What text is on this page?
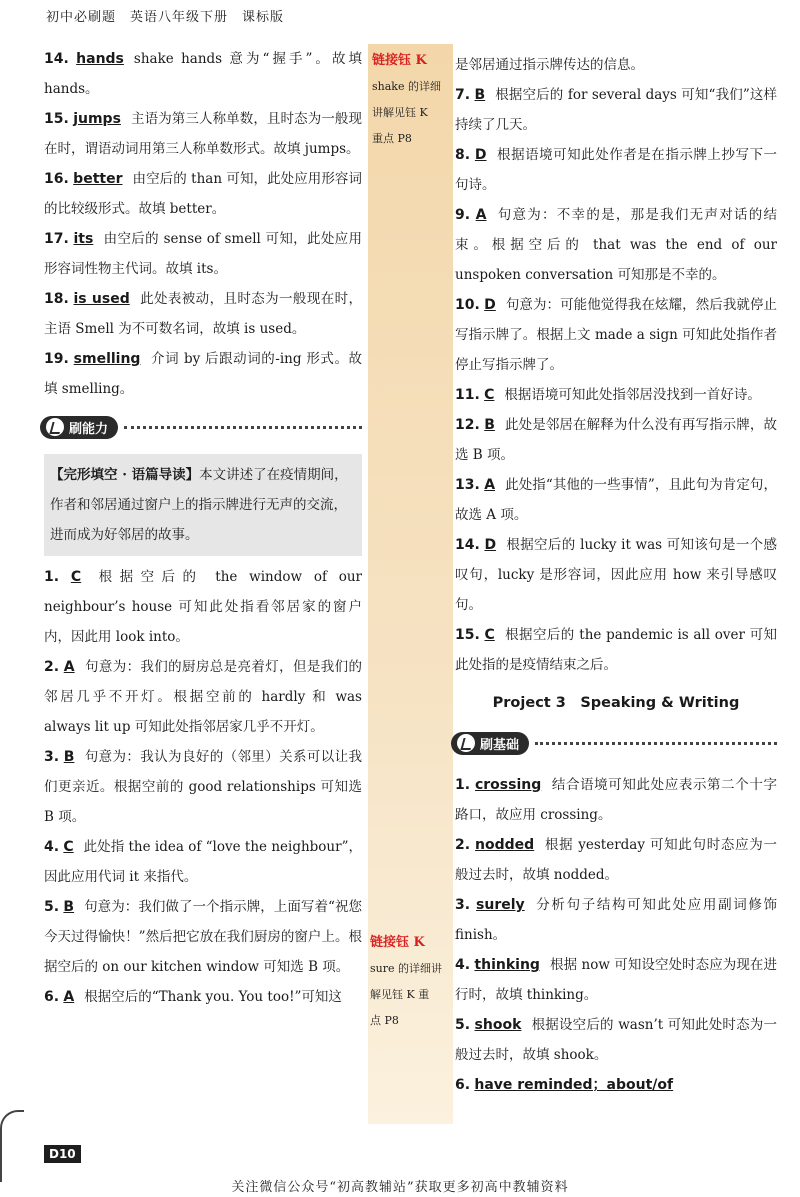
初中必刷题　英语八年级下册　课标版
链接钰 K
shake 的详细
讲解见钰 K
重点 P8
链接钰 K
sure 的详细讲
解见钰 K 重
点 P8
14. hands shake hands 意为“握手”。故填 hands。
15. jumps 主语为第三人称单数，且时态为一般现在时，谓语动词用第三人称单数形式。故填 jumps。
16. better 由空后的 than 可知，此处应用形容词的比较级形式。故填 better。
17. its 由空后的 sense of smell 可知，此处应用形容词性物主代词。故填 its。
18. is used 此处表被动，且时态为一般现在时，主语 Smell 为不可数名词，故填 is used。
19. smelling 介词 by 后跟动词的-ing 形式。故填 smelling。
刷能力
【完形填空 · 语篇导读】本文讲述了在疫情期间，作者和邻居通过窗户上的指示牌进行无声的交流，进而成为好邻居的故事。
1. C 根据空后的 the window of our neighbour’s house 可知此处指看邻居家的窗户内，因此用 look into。
2. A 句意为：我们的厨房总是亮着灯，但是我们的邻居几乎不开灯。根据空前的 hardly 和 was always lit up 可知此处指邻居家几乎不开灯。
3. B 句意为：我认为良好的（邻里）关系可以让我们更亲近。根据空前的 good relationships 可知选 B 项。
4. C 此处指 the idea of “love the neighbour”，因此应用代词 it 来指代。
5. B 句意为：我们做了一个指示牌，上面写着“祝您今天过得愉快！”然后把它放在我们厨房的窗户上。根据空后的 on our kitchen window 可知选 B 项。
6. A 根据空后的“Thank you. You too!”可知这
是邻居通过指示牌传达的信息。
7. B 根据空后的 for several days 可知“我们”这样持续了几天。
8. D 根据语境可知此处作者是在指示牌上抄写下一句诗。
9. A 句意为：不幸的是，那是我们无声对话的结束。根据空后的 that was the end of our unspoken conversation 可知那是不幸的。
10. D 句意为：可能他觉得我在炫耀，然后我就停止写指示牌了。根据上文 made a sign 可知此处指作者停止写指示牌了。
11. C 根据语境可知此处指邻居没找到一首好诗。
12. B 此处是邻居在解释为什么没有再写指示牌，故选 B 项。
13. A 此处指“其他的一些事情”，且此句为肯定句，故选 A 项。
14. D 根据空后的 lucky it was 可知该句是一个感叹句，lucky 是形容词，因此应用 how 来引导感叹句。
15. C 根据空后的 the pandemic is all over 可知此处指的是疫情结束之后。
Project 3　Speaking & Writing
刷基础
1. crossing 结合语境可知此处应表示第二个十字路口，故应用 crossing。
2. nodded 根据 yesterday 可知此句时态应为一般过去时，故填 nodded。
3. surely 分析句子结构可知此处应用副词修饰 finish。
4. thinking 根据 now 可知设空处时态应为现在进行时，故填 thinking。
5. shook 根据设空后的 wasn’t 可知此处时态为一般过去时，故填 shook。
6. have reminded；about/of
D10
关注微信公众号“初高教辅站”获取更多初高中教辅资料
